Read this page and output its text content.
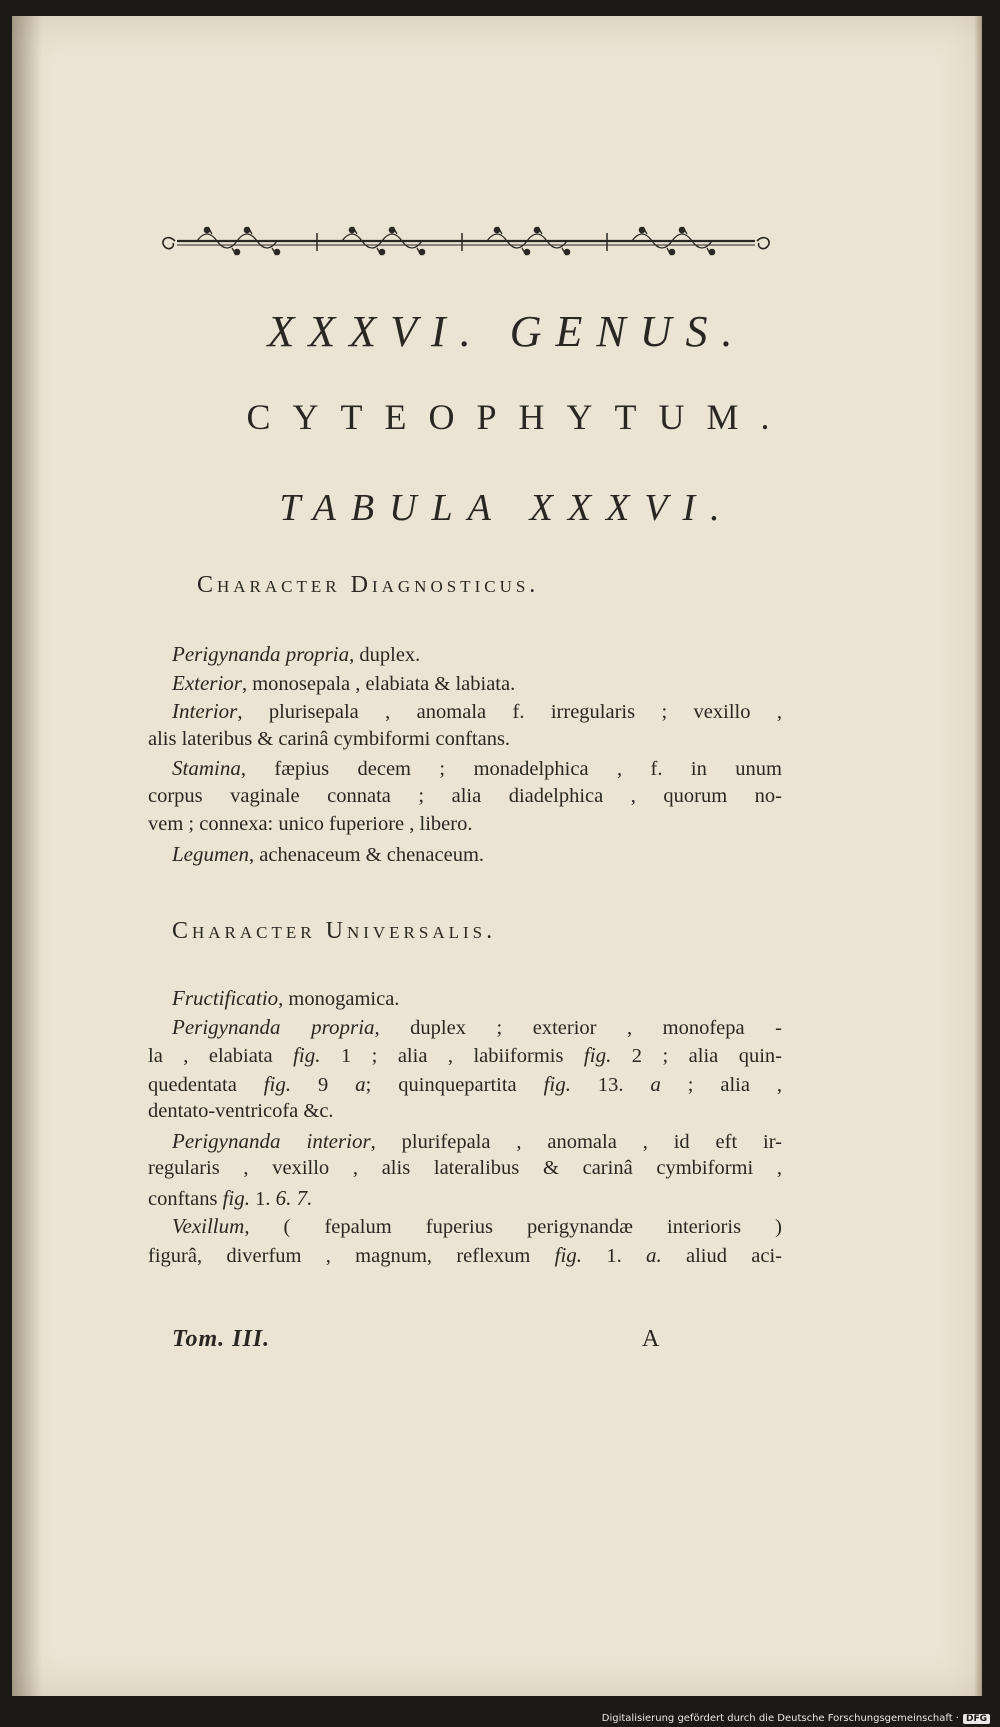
XXXVI. GENUS.
CYTEOPHYTUM.
TABULA XXXVI.
Character Diagnosticus.
Perigynanda propria, duplex.
Exterior, monosepala , elabiata & labiata.
Interior, plurisepala , anomala f. irregularis ; vexillo ,
alis lateribus & carinâ cymbiformi conftans.
Stamina, fæpius decem ; monadelphica , f. in unum
corpus vaginale connata ; alia diadelphica , quorum no-
vem ; connexa: unico fuperiore , libero.
Legumen, achenaceum & chenaceum.
Character Universalis.
Fructificatio, monogamica.
Perigynanda propria, duplex ; exterior , monofepa -
la , elabiata fig. 1 ; alia , labiiformis fig. 2 ; alia quin-
quedentata fig. 9 a; quinquepartita fig. 13. a ; alia ,
dentato-ventricofa &c.
Perigynanda interior, plurifepala , anomala , id eft ir-
regularis , vexillo , alis lateralibus & carinâ cymbiformi ,
conftans fig. 1. 6. 7.
Vexillum, ( fepalum fuperius perigynandæ interioris )
figurâ, diverfum , magnum, reflexum fig. 1. a. aliud aci-
Tom. III.	A
Digitalisierung gefördert durch die Deutsche Forschungsgemeinschaft · DFG
